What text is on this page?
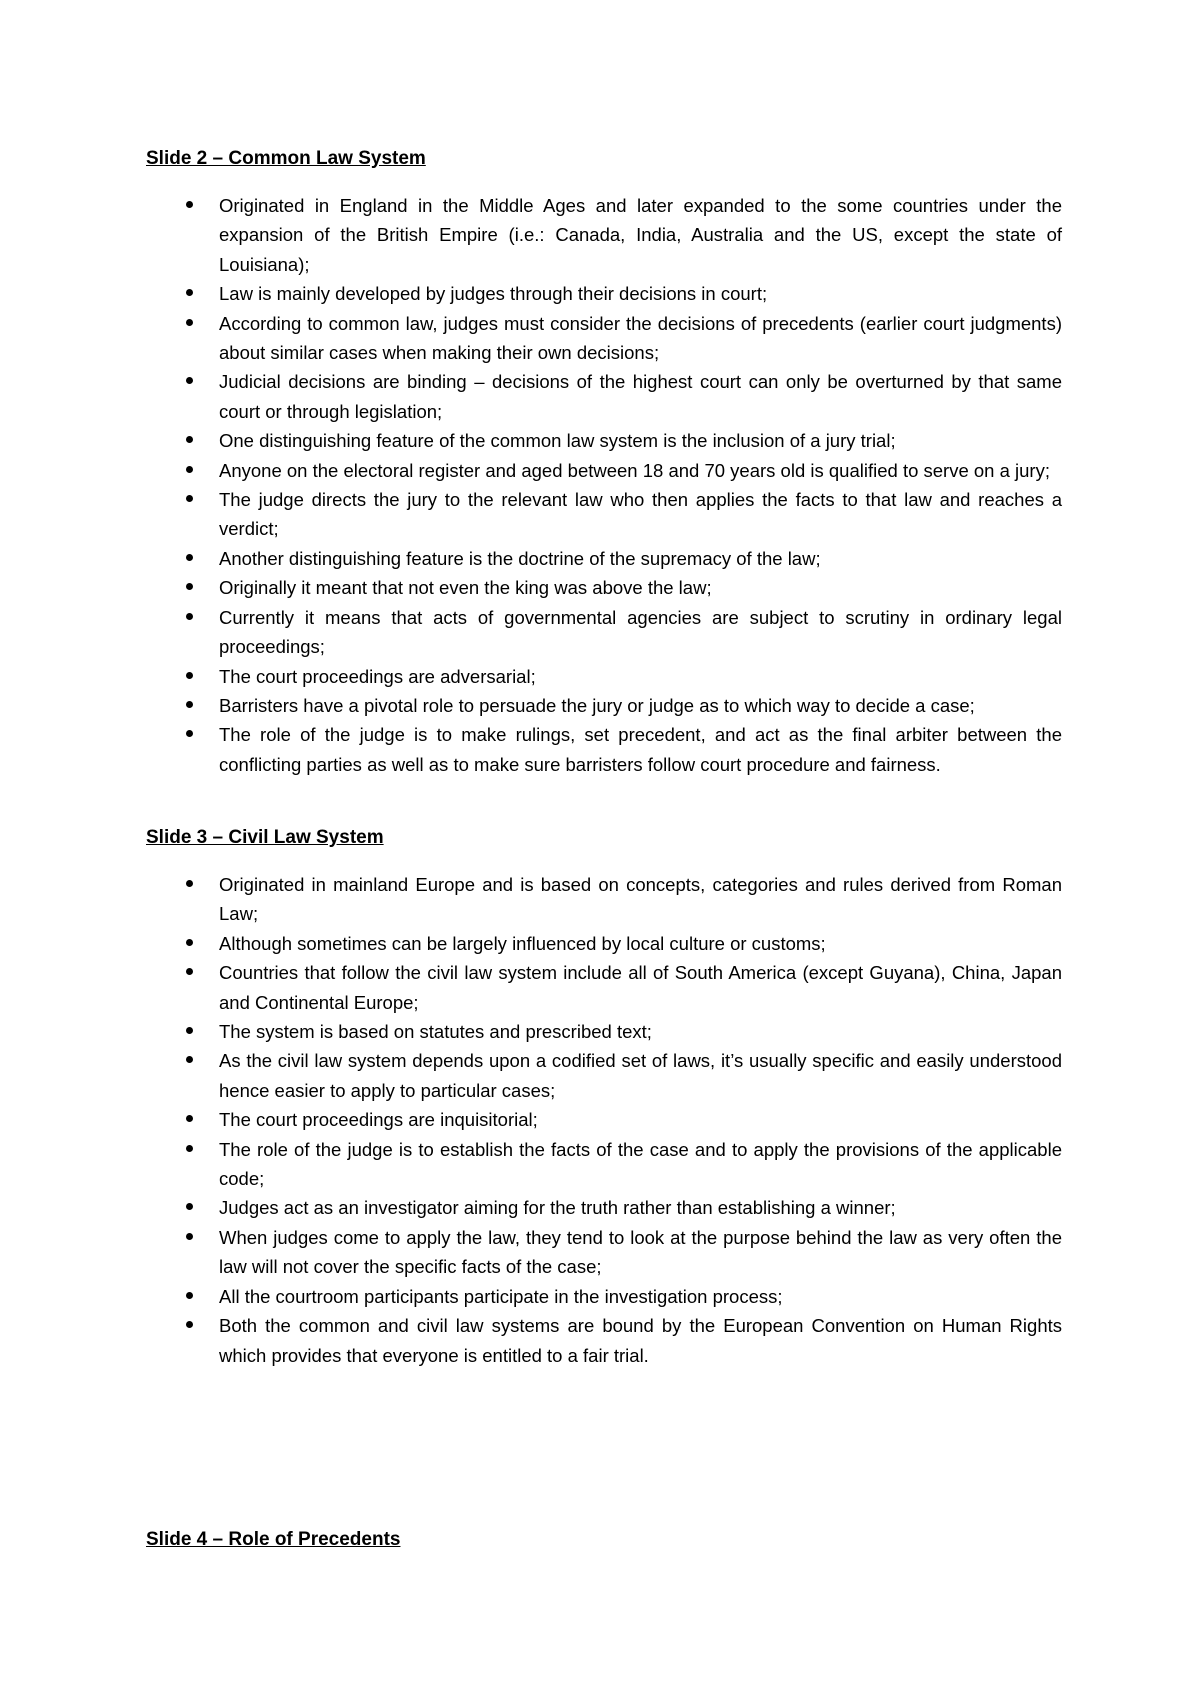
Slide 2 – Common Law System
Originated in England in the Middle Ages and later expanded to the some countries under the expansion of the British Empire (i.e.: Canada, India, Australia and the US, except the state of Louisiana);
Law is mainly developed by judges through their decisions in court;
According to common law, judges must consider the decisions of precedents (earlier court judgments) about similar cases when making their own decisions;
Judicial decisions are binding – decisions of the highest court can only be overturned by that same court or through legislation;
One distinguishing feature of the common law system is the inclusion of a jury trial;
Anyone on the electoral register and aged between 18 and 70 years old is qualified to serve on a jury;
The judge directs the jury to the relevant law who then applies the facts to that law and reaches a verdict;
Another distinguishing feature is the doctrine of the supremacy of the law;
Originally it meant that not even the king was above the law;
Currently it means that acts of governmental agencies are subject to scrutiny in ordinary legal proceedings;
The court proceedings are adversarial;
Barristers have a pivotal role to persuade the jury or judge as to which way to decide a case;
The role of the judge is to make rulings, set precedent, and act as the final arbiter between the conflicting parties as well as to make sure barristers follow court procedure and fairness.
Slide 3 – Civil Law System
Originated in mainland Europe and is based on concepts, categories and rules derived from Roman Law;
Although sometimes can be largely influenced by local culture or customs;
Countries that follow the civil law system include all of South America (except Guyana), China, Japan and Continental Europe;
The system is based on statutes and prescribed text;
As the civil law system depends upon a codified set of laws, it’s usually specific and easily understood hence easier to apply to particular cases;
The court proceedings are inquisitorial;
The role of the judge is to establish the facts of the case and to apply the provisions of the applicable code;
Judges act as an investigator aiming for the truth rather than establishing a winner;
When judges come to apply the law, they tend to look at the purpose behind the law as very often the law will not cover the specific facts of the case;
All the courtroom participants participate in the investigation process;
Both the common and civil law systems are bound by the European Convention on Human Rights which provides that everyone is entitled to a fair trial.
Slide 4 – Role of Precedents
